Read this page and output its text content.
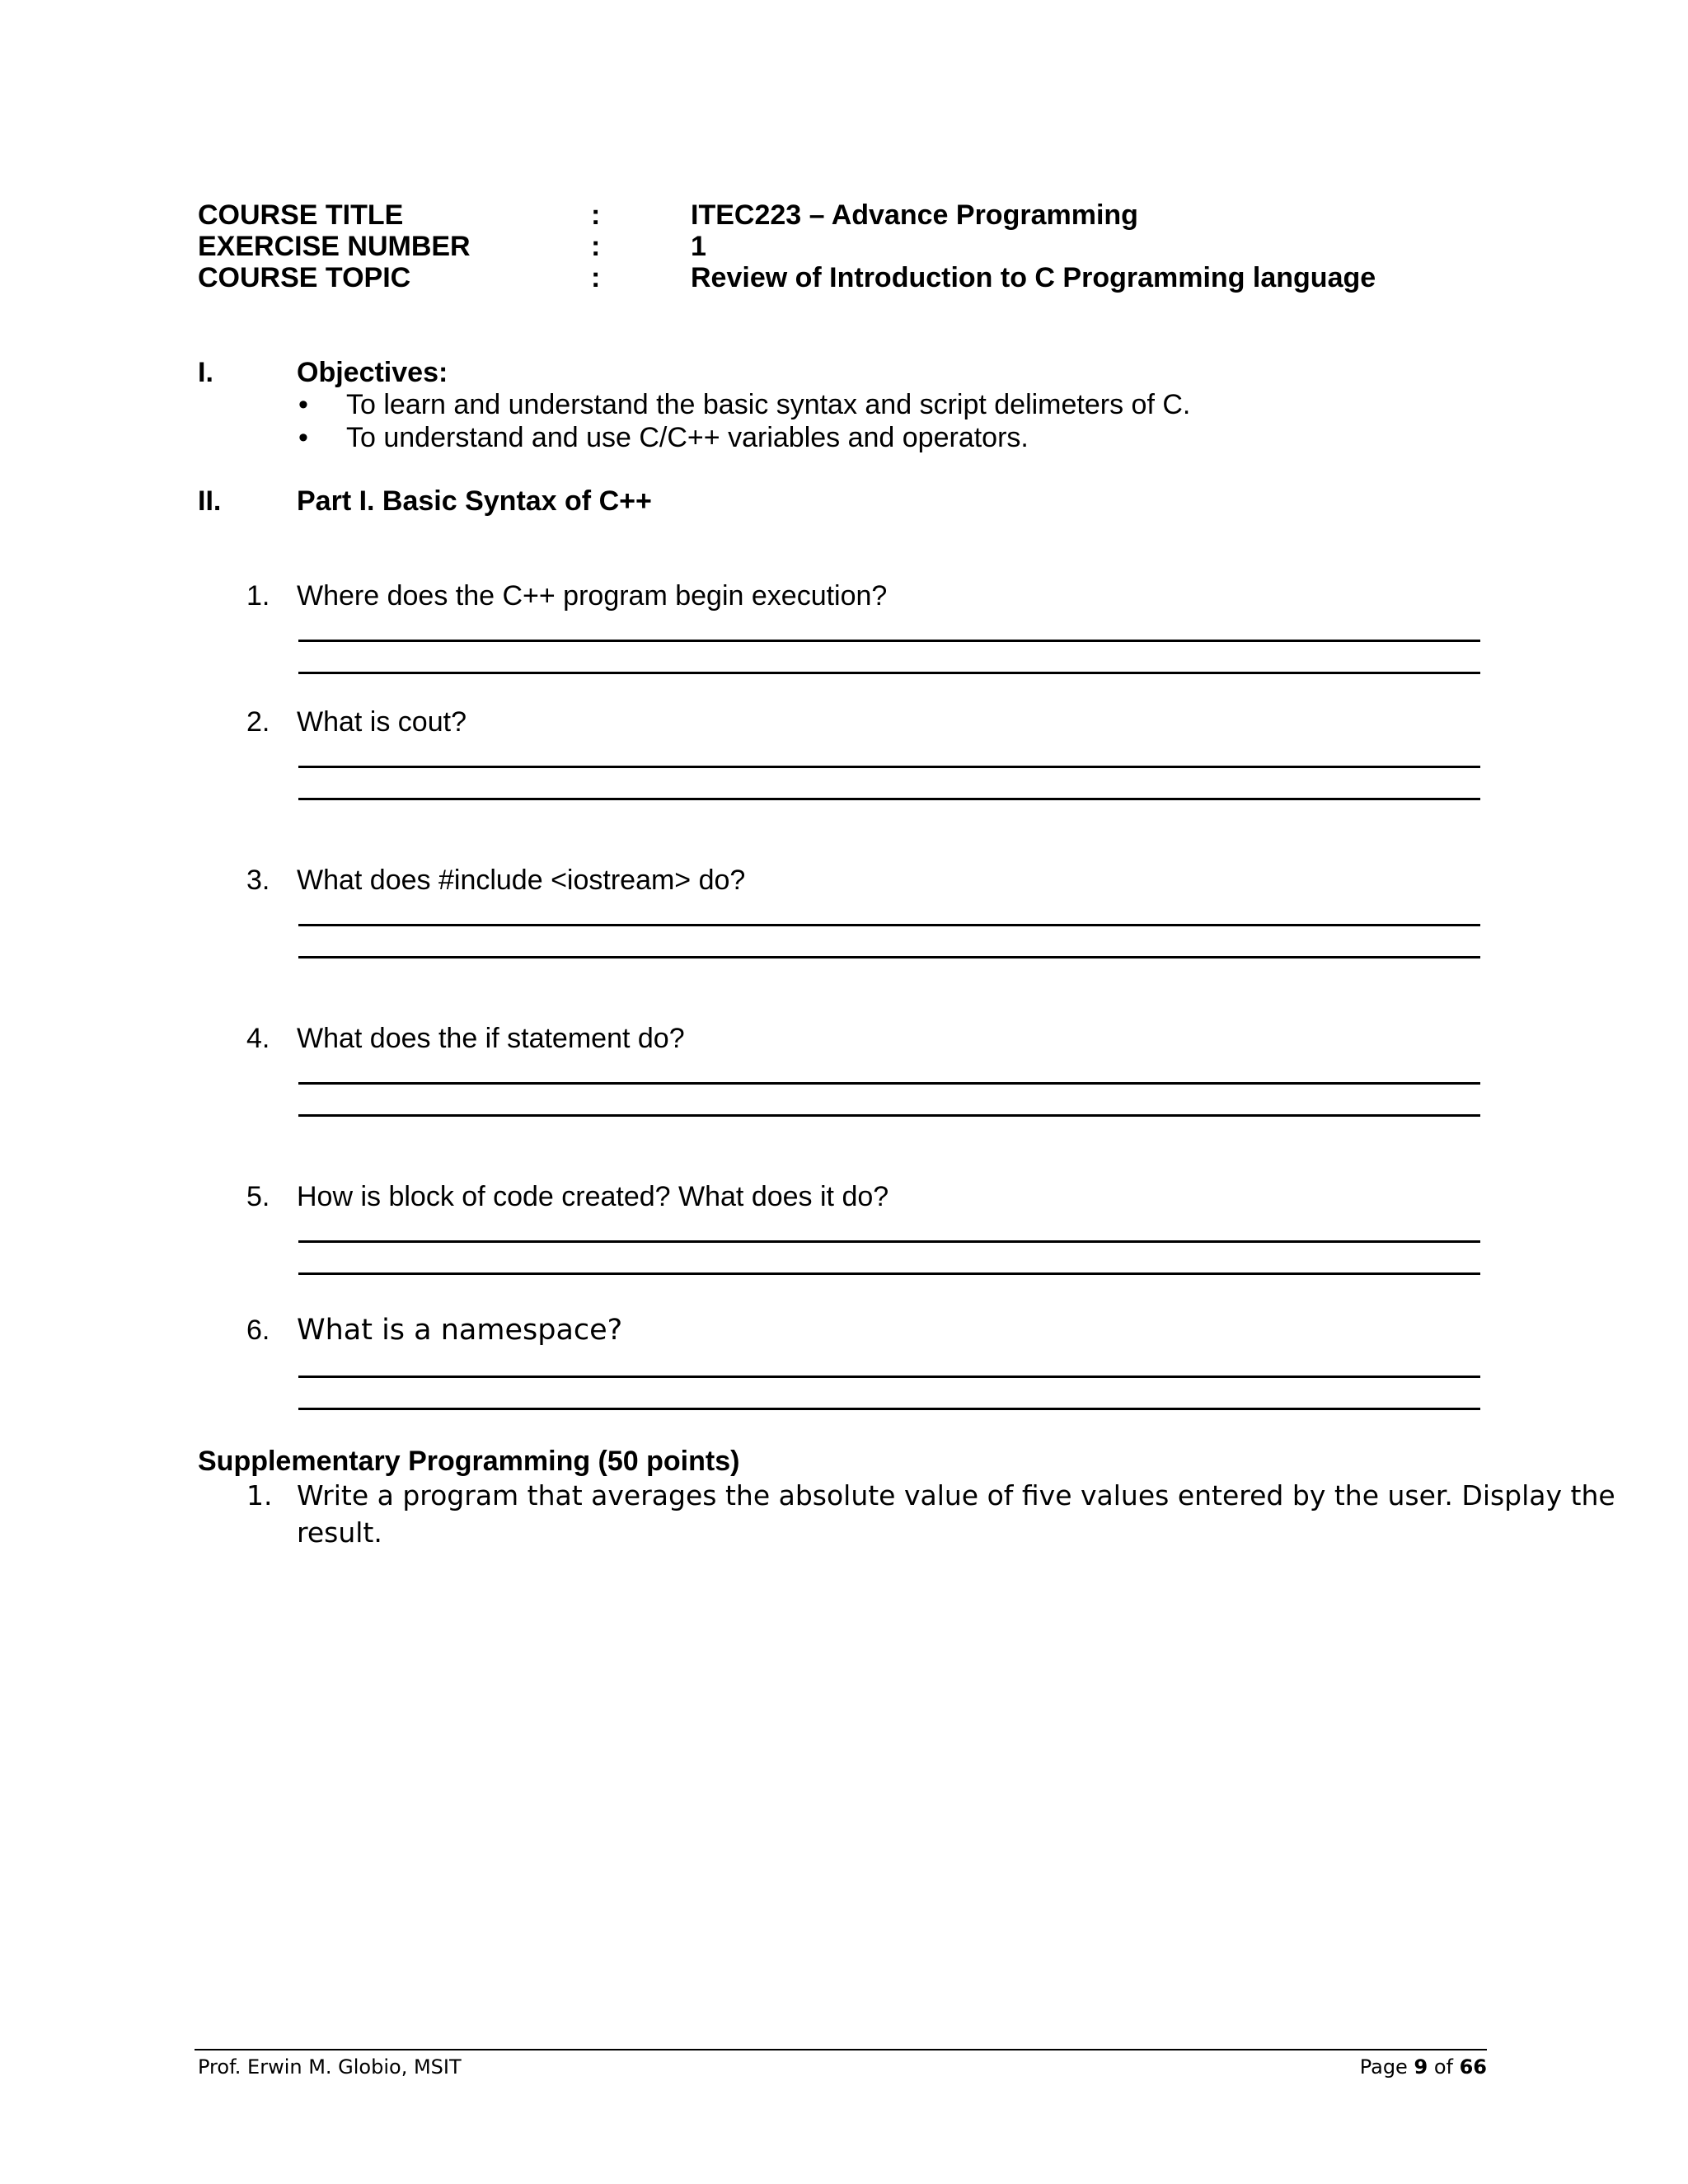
COURSE TITLE	:	ITEC223 – Advance Programming
EXERCISE NUMBER	:	1
COURSE TOPIC	:	Review of Introduction to C Programming language
I.	Objectives:
• To learn and understand the basic syntax and script delimeters of C.
• To understand and use C/C++ variables and operators.
II.	Part I. Basic Syntax of C++
1. Where does the C++ program begin execution?
2. What is cout?
3. What does #include <iostream> do?
4. What does the if statement do?
5. How is block of code created? What does it do?
6. What is a namespace?
Supplementary Programming (50 points)
1. Write a program that averages the absolute value of five values entered by the user. Display the
result.
Prof. Erwin M. Globio, MSIT	Page 9 of 66
